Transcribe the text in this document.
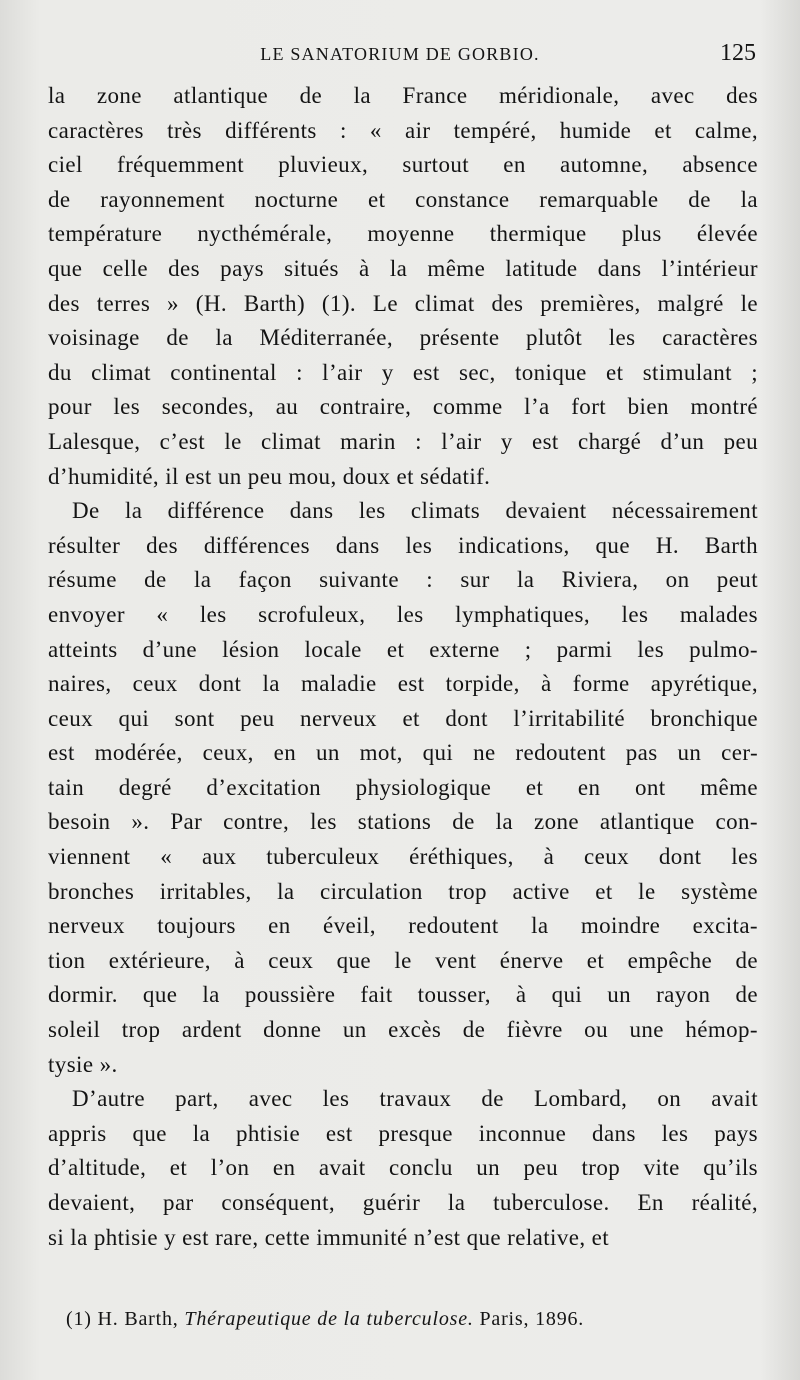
LE SANATORIUM DE GORBIO.	125
la zone atlantique de la France méridionale, avec des
caractères très différents : « air tempéré, humide et calme,
ciel fréquemment pluvieux, surtout en automne, absence
de rayonnement nocturne et constance remarquable de la
température nycthémérale, moyenne thermique plus élevée
que celle des pays situés à la même latitude dans l’intérieur
des terres » (H. Barth) (1). Le climat des premières, malgré le
voisinage de la Méditerranée, présente plutôt les caractères
du climat continental : l’air y est sec, tonique et stimulant ;
pour les secondes, au contraire, comme l’a fort bien montré
Lalesque, c’est le climat marin : l’air y est chargé d’un peu
d’humidité, il est un peu mou, doux et sédatif.
De la différence dans les climats devaient nécessairement
résulter des différences dans les indications, que H. Barth
résume de la façon suivante : sur la Riviera, on peut
envoyer « les scrofuleux, les lymphatiques, les malades
atteints d’une lésion locale et externe ; parmi les pulmo-
naires, ceux dont la maladie est torpide, à forme apyrétique,
ceux qui sont peu nerveux et dont l’irritabilité bronchique
est modérée, ceux, en un mot, qui ne redoutent pas un cer-
tain degré d’excitation physiologique et en ont même
besoin ». Par contre, les stations de la zone atlantique con-
viennent « aux tuberculeux éréthiques, à ceux dont les
bronches irritables, la circulation trop active et le système
nerveux toujours en éveil, redoutent la moindre excita-
tion extérieure, à ceux que le vent énerve et empêche de
dormir. que la poussière fait tousser, à qui un rayon de
soleil trop ardent donne un excès de fièvre ou une hémop-
tysie ».
D’autre part, avec les travaux de Lombard, on avait
appris que la phtisie est presque inconnue dans les pays
d’altitude, et l’on en avait conclu un peu trop vite qu’ils
devaient, par conséquent, guérir la tuberculose. En réalité,
si la phtisie y est rare, cette immunité n’est que relative, et
(1) H. Barth, Thérapeutique de la tuberculose. Paris, 1896.
